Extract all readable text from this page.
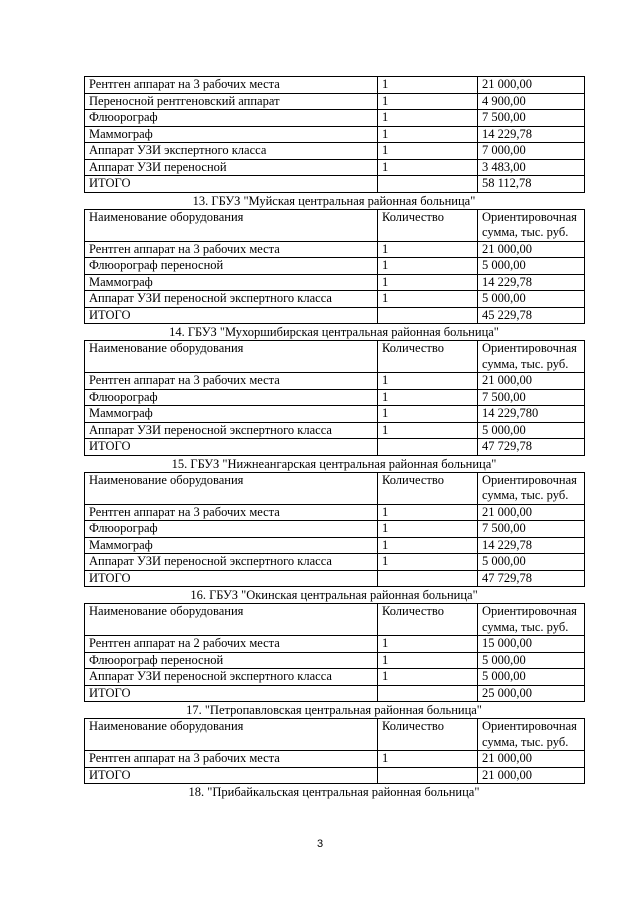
Рентген аппарат на 3 рабочих места	1	21 000,00
Переносной рентгеновский аппарат	1	4 900,00
Флюорограф	1	7 500,00
Маммограф	1	14 229,78
Аппарат УЗИ экспертного класса	1	7 000,00
Аппарат УЗИ переносной	1	3 483,00
ИТОГО		58 112,78
13. ГБУЗ "Муйская центральная районная больница"
Наименование оборудования	Количество	Ориентировочная сумма, тыс. руб.
Рентген аппарат на 3 рабочих места	1	21 000,00
Флюорограф переносной	1	5 000,00
Маммограф	1	14 229,78
Аппарат УЗИ переносной экспертного класса	1	5 000,00
ИТОГО		45 229,78
14. ГБУЗ "Мухоршибирская центральная районная больница"
Наименование оборудования	Количество	Ориентировочная сумма, тыс. руб.
Рентген аппарат на 3 рабочих места	1	21 000,00
Флюорограф	1	7 500,00
Маммограф	1	14 229,780
Аппарат УЗИ переносной экспертного класса	1	5 000,00
ИТОГО		47 729,78
15. ГБУЗ "Нижнеангарская центральная районная больница"
Наименование оборудования	Количество	Ориентировочная сумма, тыс. руб.
Рентген аппарат на 3 рабочих места	1	21 000,00
Флюорограф	1	7 500,00
Маммограф	1	14 229,78
Аппарат УЗИ переносной экспертного класса	1	5 000,00
ИТОГО		47 729,78
16. ГБУЗ "Окинская центральная районная больница"
Наименование оборудования	Количество	Ориентировочная сумма, тыс. руб.
Рентген аппарат на 2 рабочих места	1	15 000,00
Флюорограф переносной	1	5 000,00
Аппарат УЗИ переносной экспертного класса	1	5 000,00
ИТОГО		25 000,00
17. "Петропавловская центральная районная больница"
Наименование оборудования	Количество	Ориентировочная сумма, тыс. руб.
Рентген аппарат на 3 рабочих места	1	21 000,00
ИТОГО		21 000,00
18. "Прибайкальская центральная районная больница"
3
